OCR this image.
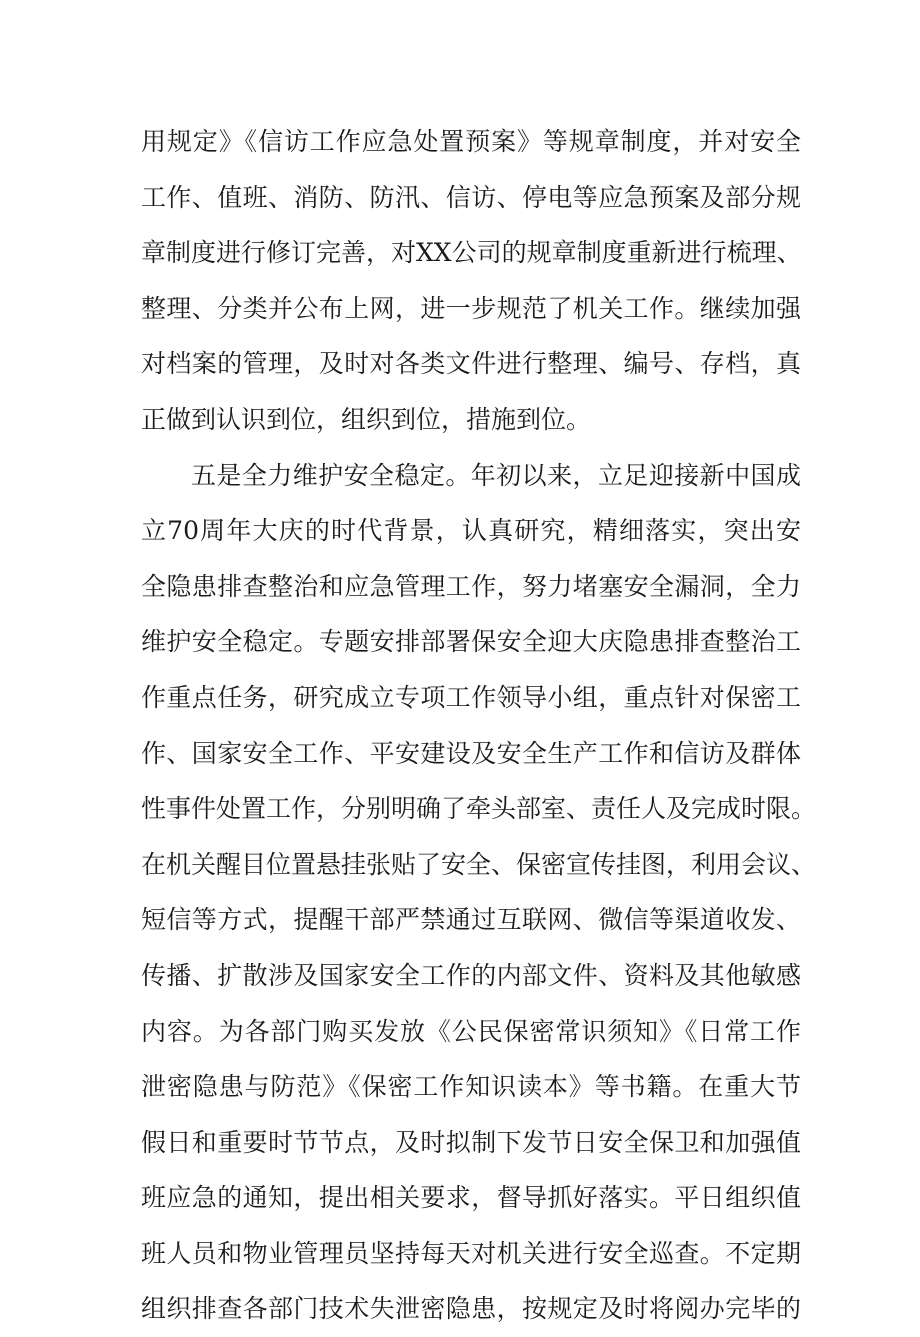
用规定》《信访工作应急处置预案》等规章制度，并对安全
工作、值班、消防、防汛、信访、停电等应急预案及部分规
章制度进行修订完善，对XX公司的规章制度重新进行梳理、
整理、分类并公布上网，进一步规范了机关工作。继续加强
对档案的管理，及时对各类文件进行整理、编号、存档，真
正做到认识到位，组织到位，措施到位。
五是全力维护安全稳定。年初以来，立足迎接新中国成
立70周年大庆的时代背景，认真研究，精细落实，突出安
全隐患排查整治和应急管理工作，努力堵塞安全漏洞，全力
维护安全稳定。专题安排部署保安全迎大庆隐患排查整治工
作重点任务，研究成立专项工作领导小组，重点针对保密工
作、国家安全工作、平安建设及安全生产工作和信访及群体
性事件处置工作，分别明确了牵头部室、责任人及完成时限。
在机关醒目位置悬挂张贴了安全、保密宣传挂图，利用会议、
短信等方式，提醒干部严禁通过互联网、微信等渠道收发、
传播、扩散涉及国家安全工作的内部文件、资料及其他敏感
内容。为各部门购买发放《公民保密常识须知》《日常工作
泄密隐患与防范》《保密工作知识读本》等书籍。在重大节
假日和重要时节节点，及时拟制下发节日安全保卫和加强值
班应急的通知，提出相关要求，督导抓好落实。平日组织值
班人员和物业管理员坚持每天对机关进行安全巡查。不定期
组织排查各部门技术失泄密隐患，按规定及时将阅办完毕的
